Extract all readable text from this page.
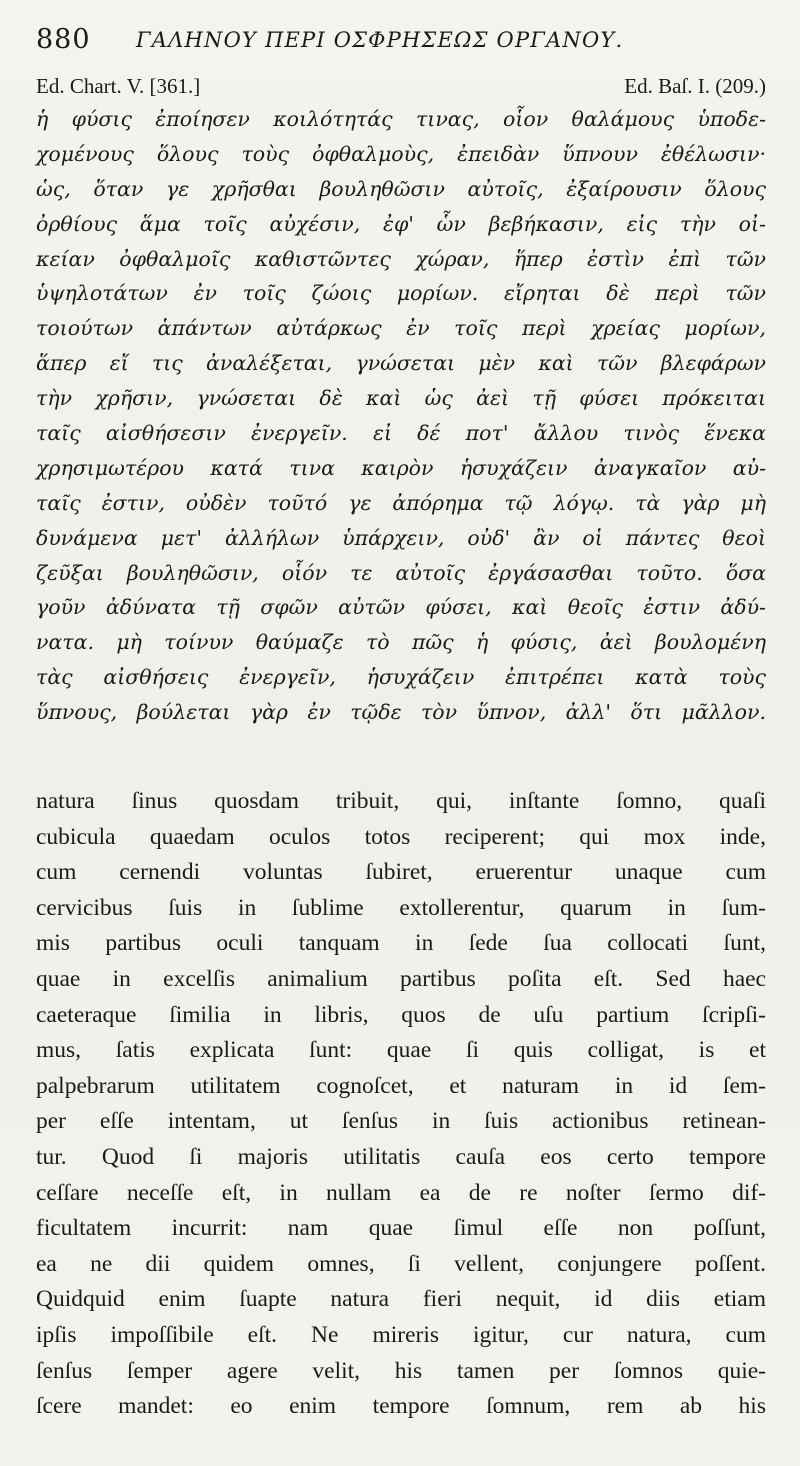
880 ΓΑΛΗΝΟΥ ΠΕΡΙ ΟΣΦΡΗΣΕΩΣ ΟΡΓΑΝΟΥ.
Ed. Chart. V. [361.]	Ed. Baſ. I. (209.)
ἡ φύσις ἐποίησεν κοιλότητάς τινας, οἷον θαλάμους ὑποδε-
χομένους ὅλους τοὺς ὀφθαλμοὺς, ἐπειδὰν ὕπνουν ἐθέλωσιν·
ὡς, ὅταν γε χρῆσθαι βουληθῶσιν αὐτοῖς, ἐξαίρουσιν ὅλους
ὀρθίους ἅμα τοῖς αὐχέσιν, ἐφ' ὧν βεβήκασιν, εἰς τὴν οἰ-
κείαν ὀφθαλμοῖς καθιστῶντες χώραν, ἥπερ ἐστὶν ἐπὶ τῶν
ὑψηλοτάτων ἐν τοῖς ζώοις μορίων. εἴρηται δὲ περὶ τῶν
τοιούτων ἁπάντων αὐτάρκως ἐν τοῖς περὶ χρείας μορίων,
ἅπερ εἴ τις ἀναλέξεται, γνώσεται μὲν καὶ τῶν βλεφάρων
τὴν χρῆσιν, γνώσεται δὲ καὶ ὡς ἀεὶ τῇ φύσει πρόκειται
ταῖς αἰσθήσεσιν ἐνεργεῖν. εἰ δέ ποτ' ἄλλου τινὸς ἕνεκα
χρησιμωτέρου κατά τινα καιρὸν ἡσυχάζειν ἀναγκαῖον αὐ-
ταῖς ἐστιν, οὐδὲν τοῦτό γε ἀπόρημα τῷ λόγῳ. τὰ γὰρ μὴ
δυνάμενα μετ' ἀλλήλων ὑπάρχειν, οὐδ' ἂν οἱ πάντες θεοὶ
ζεῦξαι βουληθῶσιν, οἷόν τε αὐτοῖς ἐργάσασθαι τοῦτο. ὅσα
γοῦν ἀδύνατα τῇ σφῶν αὐτῶν φύσει, καὶ θεοῖς ἐστιν ἀδύ-
νατα. μὴ τοίνυν θαύμαζε τὸ πῶς ἡ φύσις, ἀεὶ βουλομένη
τὰς αἰσθήσεις ἐνεργεῖν, ἡσυχάζειν ἐπιτρέπει κατὰ τοὺς
ὕπνους, βούλεται γὰρ ἐν τῷδε τὸν ὕπνον, ἀλλ' ὅτι μᾶλλον.
natura ſinus quosdam tribuit, qui, inſtante ſomno, quaſi
cubicula quaedam oculos totos reciperent; qui mox inde,
cum cernendi voluntas ſubiret, eruerentur unaque cum
cervicibus ſuis in ſublime extollerentur, quarum in ſum-
mis partibus oculi tanquam in ſede ſua collocati ſunt,
quae in excelſis animalium partibus poſita eſt. Sed haec
caeteraque ſimilia in libris, quos de uſu partium ſcripſi-
mus, ſatis explicata ſunt: quae ſi quis colligat, is et
palpebrarum utilitatem cognoſcet, et naturam in id ſem-
per eſſe intentam, ut ſenſus in ſuis actionibus retinean-
tur. Quod ſi majoris utilitatis cauſa eos certo tempore
ceſſare neceſſe eſt, in nullam ea de re noſter ſermo dif-
ficultatem incurrit: nam quae ſimul eſſe non poſſunt,
ea ne dii quidem omnes, ſi vellent, conjungere poſſent.
Quidquid enim ſuapte natura fieri nequit, id diis etiam
ipſis impoſſibile eſt. Ne mireris igitur, cur natura, cum
ſenſus ſemper agere velit, his tamen per ſomnos quie-
ſcere mandet: eo enim tempore ſomnum, rem ab his
